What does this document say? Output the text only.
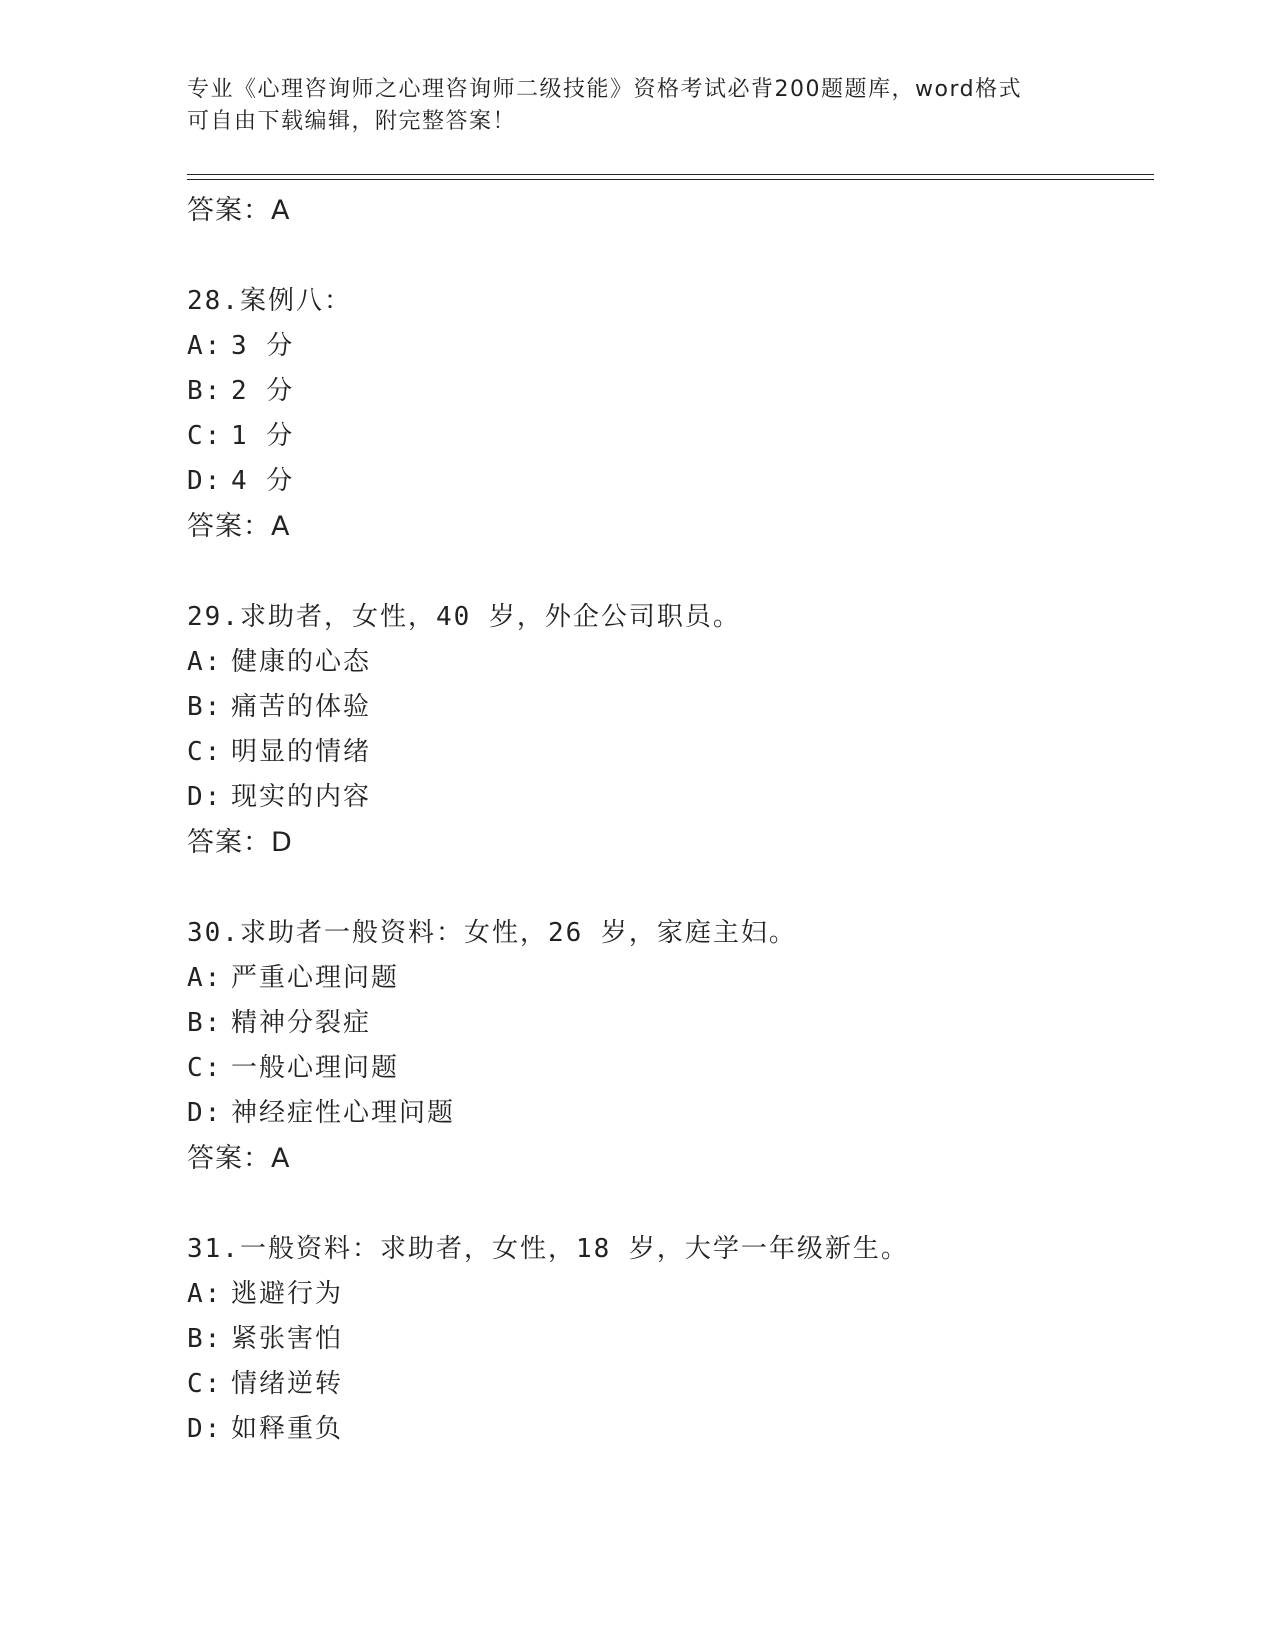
专业《心理咨询师之心理咨询师二级技能》资格考试必背200题题库，word格式
可自由下载编辑，附完整答案！
答案：A
28.案例八：
A: 3 分
B: 2 分
C: 1 分
D: 4 分
答案：A
29.求助者，女性，40 岁，外企公司职员。
A: 健康的心态
B: 痛苦的体验
C: 明显的情绪
D: 现实的内容
答案：D
30.求助者一般资料：女性，26 岁，家庭主妇。
A: 严重心理问题
B: 精神分裂症
C: 一般心理问题
D: 神经症性心理问题
答案：A
31.一般资料：求助者，女性，18 岁，大学一年级新生。
A: 逃避行为
B: 紧张害怕
C: 情绪逆转
D: 如释重负
